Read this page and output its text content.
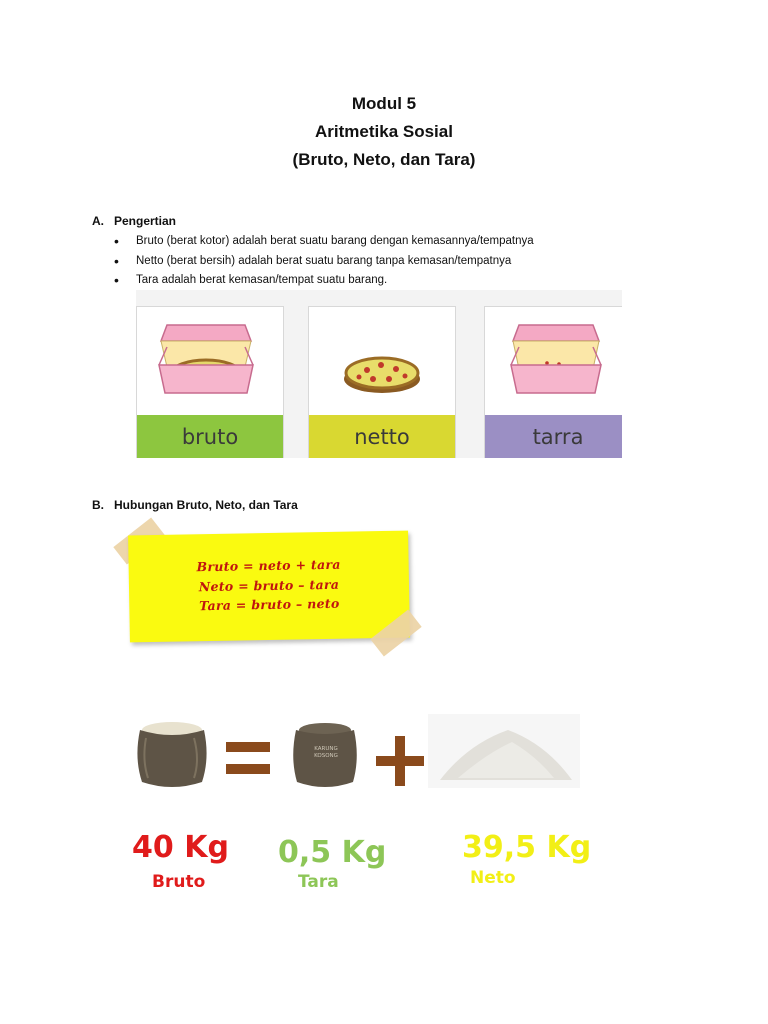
Modul 5
Aritmetika Sosial
(Bruto, Neto, dan Tara)
A. Pengertian
• Bruto (berat kotor) adalah berat suatu barang dengan kemasannya/tempatnya
• Netto (berat bersih) adalah berat suatu barang tanpa kemasan/tempatnya
• Tara adalah berat kemasan/tempat suatu barang.
bruto	netto	tarra
B. Hubungan Bruto, Neto, dan Tara
Bruto = neto + tara
Neto = bruto – tara
Tara = bruto – neto
KARUNG KOSONG
40 Kg
Bruto
0,5 Kg
Tara
39,5 Kg
Neto
